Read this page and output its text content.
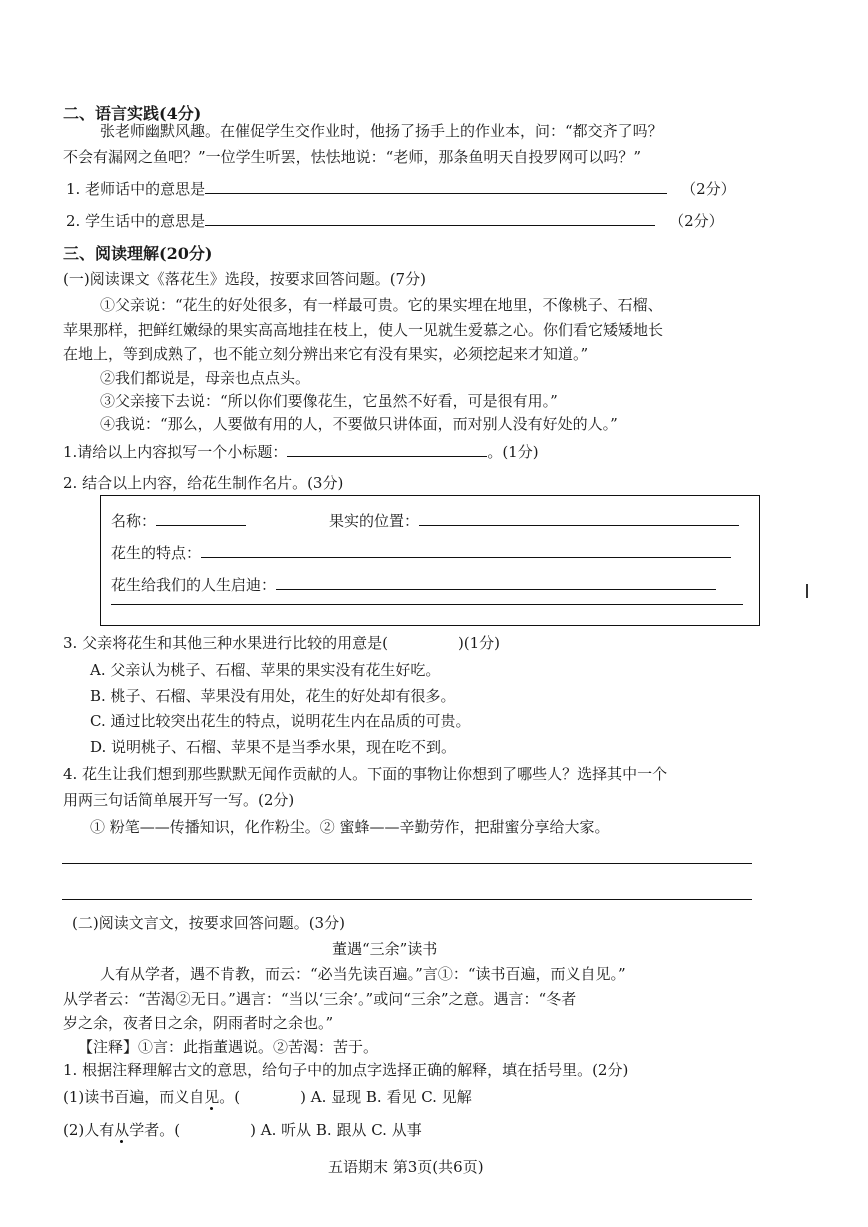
二、语言实践(4分)
张老师幽默风趣。在催促学生交作业时，他扬了扬手上的作业本，问：“都交齐了吗？
不会有漏网之鱼吧？”一位学生听罢，怯怯地说：“老师，那条鱼明天自投罗网可以吗？”
1. 老师话中的意思是	（2分）
2. 学生话中的意思是	（2分）
三、阅读理解(20分)
(一)阅读课文《落花生》选段，按要求回答问题。(7分)
①父亲说：“花生的好处很多，有一样最可贵。它的果实埋在地里，不像桃子、石榴、
苹果那样，把鲜红嫩绿的果实高高地挂在枝上，使人一见就生爱慕之心。你们看它矮矮地长
在地上，等到成熟了，也不能立刻分辨出来它有没有果实，必须挖起来才知道。”
②我们都说是，母亲也点点头。
③父亲接下去说：“所以你们要像花生，它虽然不好看，可是很有用。”
④我说：“那么，人要做有用的人，不要做只讲体面，而对别人没有好处的人。”
1.请给以上内容拟写一个小标题：	。(1分)
2. 结合以上内容，给花生制作名片。(3分)
名称：	果实的位置：
花生的特点：
花生给我们的人生启迪：
3. 父亲将花生和其他三种水果进行比较的用意是(	)(1分)
A. 父亲认为桃子、石榴、苹果的果实没有花生好吃。
B. 桃子、石榴、苹果没有用处，花生的好处却有很多。
C. 通过比较突出花生的特点，说明花生内在品质的可贵。
D. 说明桃子、石榴、苹果不是当季水果，现在吃不到。
4. 花生让我们想到那些默默无闻作贡献的人。下面的事物让你想到了哪些人？选择其中一个
用两三句话简单展开写一写。(2分)
① 粉笔——传播知识，化作粉尘。② 蜜蜂——辛勤劳作，把甜蜜分享给大家。
(二)阅读文言文，按要求回答问题。(3分)
董遇“三余”读书
人有从学者，遇不肯教，而云：“必当先读百遍。”言①：“读书百遍，而义自见。”
从学者云：“苦渴②无日。”遇言：“当以‘三余’。”或问“三余”之意。遇言：“冬者
岁之余，夜者日之余，阴雨者时之余也。”
【注释】①言：此指董遇说。②苦渴：苦于。
1. 根据注释理解古文的意思，给句子中的加点字选择正确的解释，填在括号里。(2分)
(1)读书百遍，而义自见。(	) A. 显现 B. 看见 C. 见解
(2)人有从学者。(	) A. 听从 B. 跟从 C. 从事
五语期末 第3页(共6页)
